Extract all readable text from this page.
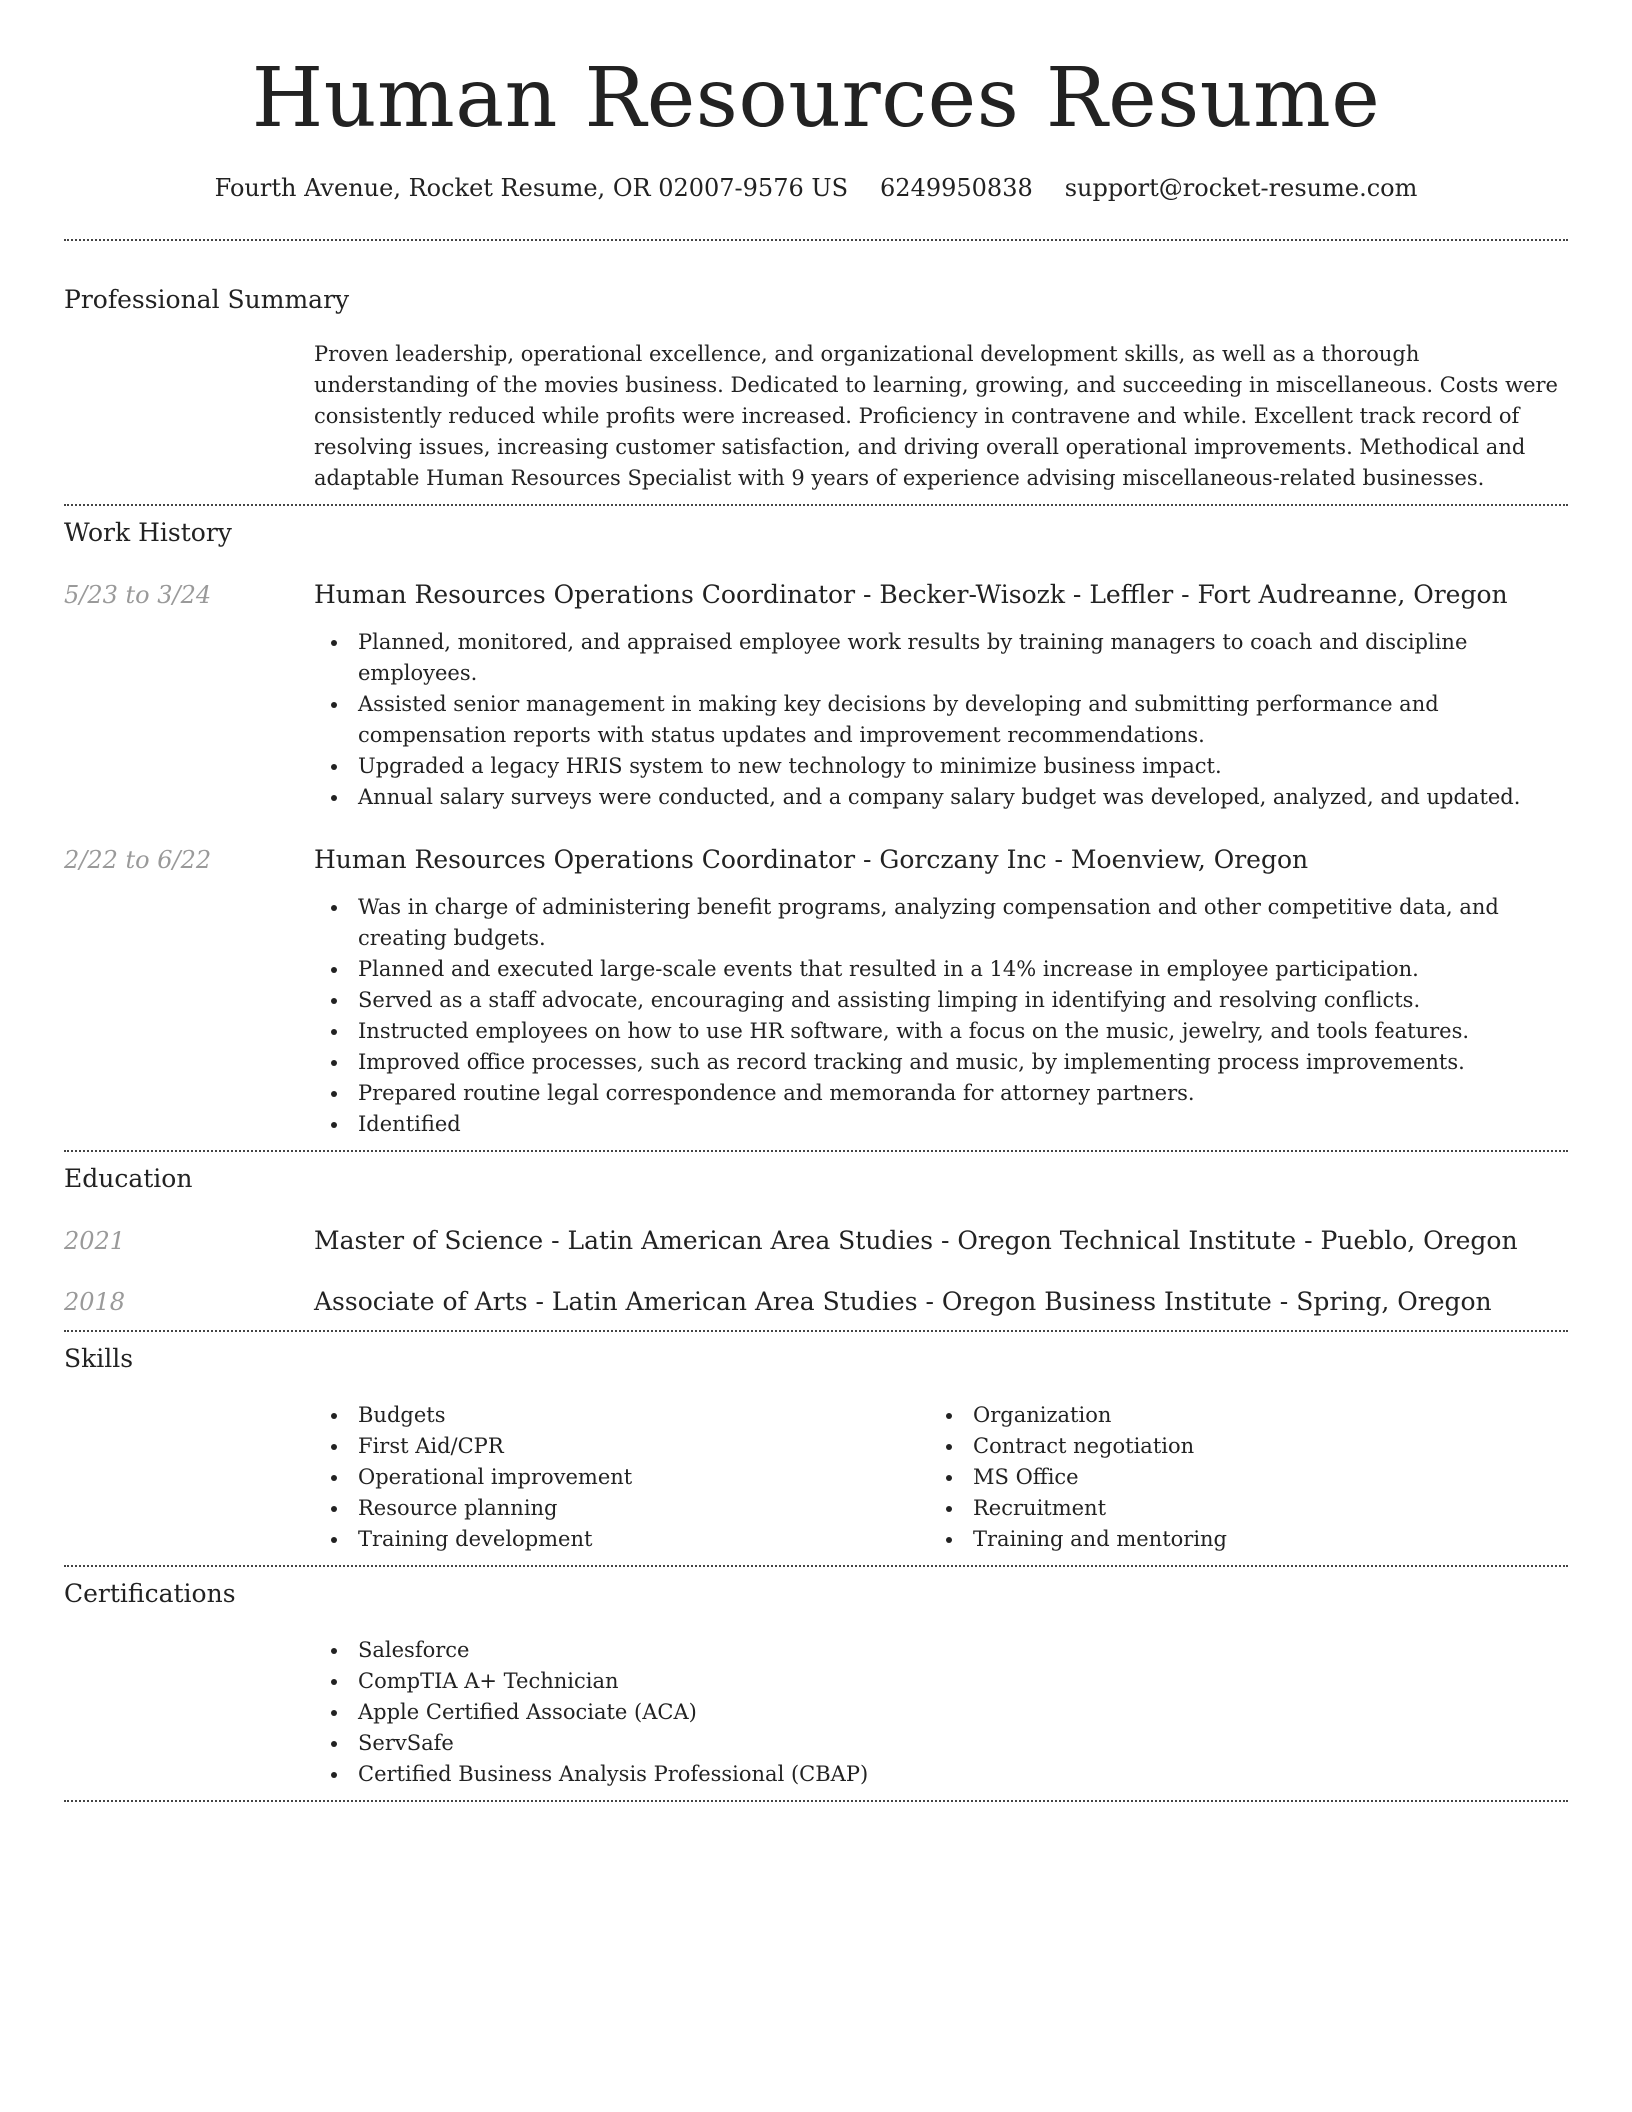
Human Resources Resume
Fourth Avenue, Rocket Resume, OR 02007-9576 US 6249950838 support@rocket-resume.com
Professional Summary

Proven leadership, operational excellence, and organizational development skills, as well as a thorough understanding of the movies business. Dedicated to learning, growing, and succeeding in miscellaneous. Costs were consistently reduced while profits were increased. Proficiency in contravene and while. Excellent track record of resolving issues, increasing customer satisfaction, and driving overall operational improvements. Methodical and adaptable Human Resources Specialist with 9 years of experience advising miscellaneous-related businesses.

Work History
5/23 to 3/24	Human Resources Operations Coordinator - Becker-Wisozk - Leffler - Fort Audreanne, Oregon
Planned, monitored, and appraised employee work results by training managers to coach and discipline employees.
Assisted senior management in making key decisions by developing and submitting performance and compensation reports with status updates and improvement recommendations.
Upgraded a legacy HRIS system to new technology to minimize business impact.
Annual salary surveys were conducted, and a company salary budget was developed, analyzed, and updated.
2/22 to 6/22	Human Resources Operations Coordinator - Gorczany Inc - Moenview, Oregon
Was in charge of administering benefit programs, analyzing compensation and other competitive data, and creating budgets.
Planned and executed large-scale events that resulted in a 14% increase in employee participation.
Served as a staff advocate, encouraging and assisting limping in identifying and resolving conflicts.
Instructed employees on how to use HR software, with a focus on the music, jewelry, and tools features.
Improved office processes, such as record tracking and music, by implementing process improvements.
Prepared routine legal correspondence and memoranda for attorney partners.
Identified
Education
2021	Master of Science - Latin American Area Studies - Oregon Technical Institute - Pueblo, Oregon
2018	Associate of Arts - Latin American Area Studies - Oregon Business Institute - Spring, Oregon
Skills
Budgets
First Aid/CPR
Operational improvement
Resource planning
Training development
Organization
Contract negotiation
MS Office
Recruitment
Training and mentoring
Certifications
Salesforce
CompTIA A+ Technician
Apple Certified Associate (ACA)
ServSafe
Certified Business Analysis Professional (CBAP)
